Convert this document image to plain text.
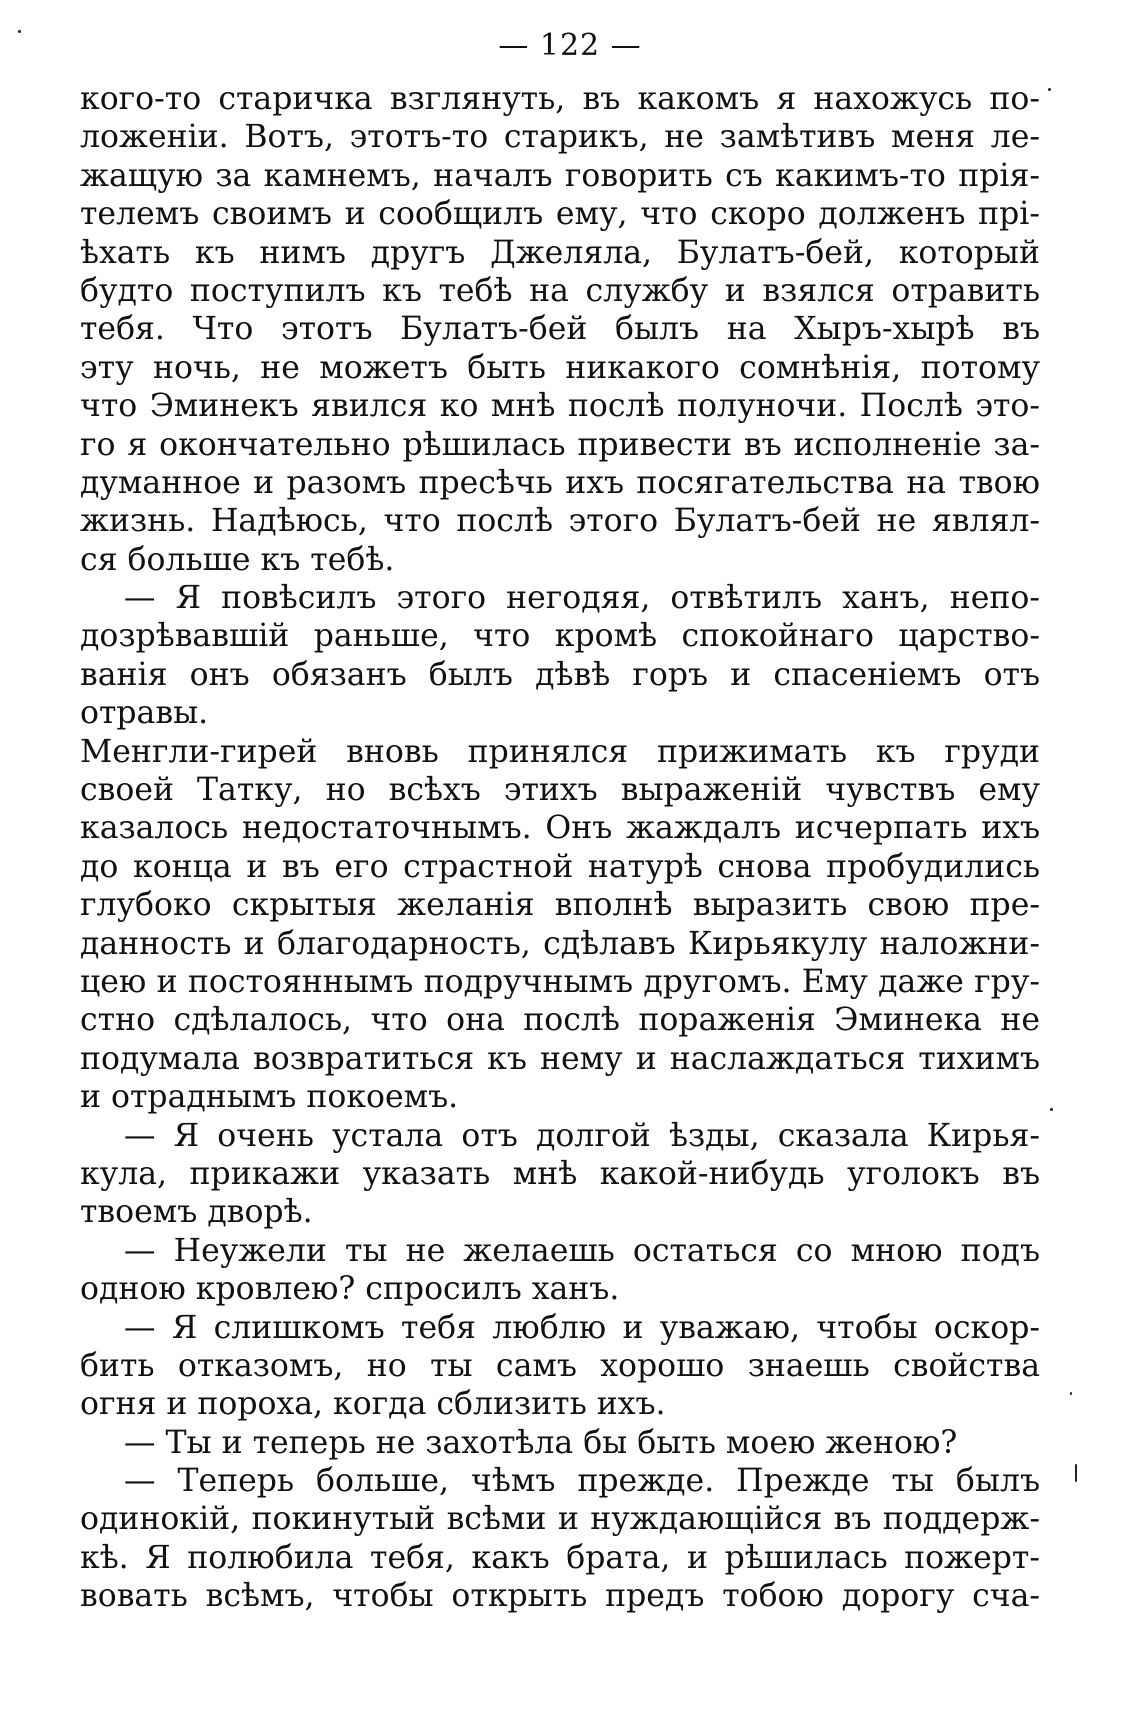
— 122 —
кого-то старичка взглянуть, въ какомъ я нахожусь по-
ложенiи. Вотъ, этотъ-то старикъ, не замѣтивъ меня ле-
жащую за камнемъ, началъ говорить съ какимъ-то прiя-
телемъ своимъ и сообщилъ ему, что скоро долженъ прi-
ѣхать къ нимъ другъ Джеляла, Булатъ-бей, который
будто поступилъ къ тебѣ на службу и взялся отравить
тебя. Что этотъ Булатъ-бей былъ на Хыръ-хырѣ въ
эту ночь, не можетъ быть никакого сомнѣнiя, потому
что Эминекъ явился ко мнѣ послѣ полуночи. Послѣ это-
го я окончательно рѣшилась привести въ исполненiе за-
думанное и разомъ пресѣчь ихъ посягательства на твою
жизнь. Надѣюсь, что послѣ этого Булатъ-бей не являл-
ся больше къ тебѣ.
— Я повѣсилъ этого негодяя, отвѣтилъ ханъ, непо-
дозрѣвавшiй раньше, что кромѣ спокойнаго царство-
ванiя онъ обязанъ былъ дѣвѣ горъ и спасенiемъ отъ
отравы.
Менгли-гирей вновь принялся прижимать къ груди
своей Татку, но всѣхъ этихъ выраженiй чувствъ ему
казалось недостаточнымъ. Онъ жаждалъ исчерпать ихъ
до конца и въ его страстной натурѣ снова пробудились
глубоко скрытыя желанiя вполнѣ выразить свою пре-
данность и благодарность, сдѣлавъ Кирьякулу наложни-
цею и постояннымъ подручнымъ другомъ. Ему даже гру-
стно сдѣлалось, что она послѣ пораженiя Эминека не
подумала возвратиться къ нему и наслаждаться тихимъ
и отраднымъ покоемъ.
— Я очень устала отъ долгой ѣзды, сказала Кирья-
кула, прикажи указать мнѣ какой-нибудь уголокъ въ
твоемъ дворѣ.
— Неужели ты не желаешь остаться со мною подъ
одною кровлею? спросилъ ханъ.
— Я слишкомъ тебя люблю и уважаю, чтобы оскор-
бить отказомъ, но ты самъ хорошо знаешь свойства
огня и пороха, когда сблизить ихъ.
— Ты и теперь не захотѣла бы быть моею женою?
— Теперь больше, чѣмъ прежде. Прежде ты былъ
одинокiй, покинутый всѣми и нуждающiйся въ поддерж-
кѣ. Я полюбила тебя, какъ брата, и рѣшилась пожерт-
вовать всѣмъ, чтобы открыть предъ тобою дорогу сча-
